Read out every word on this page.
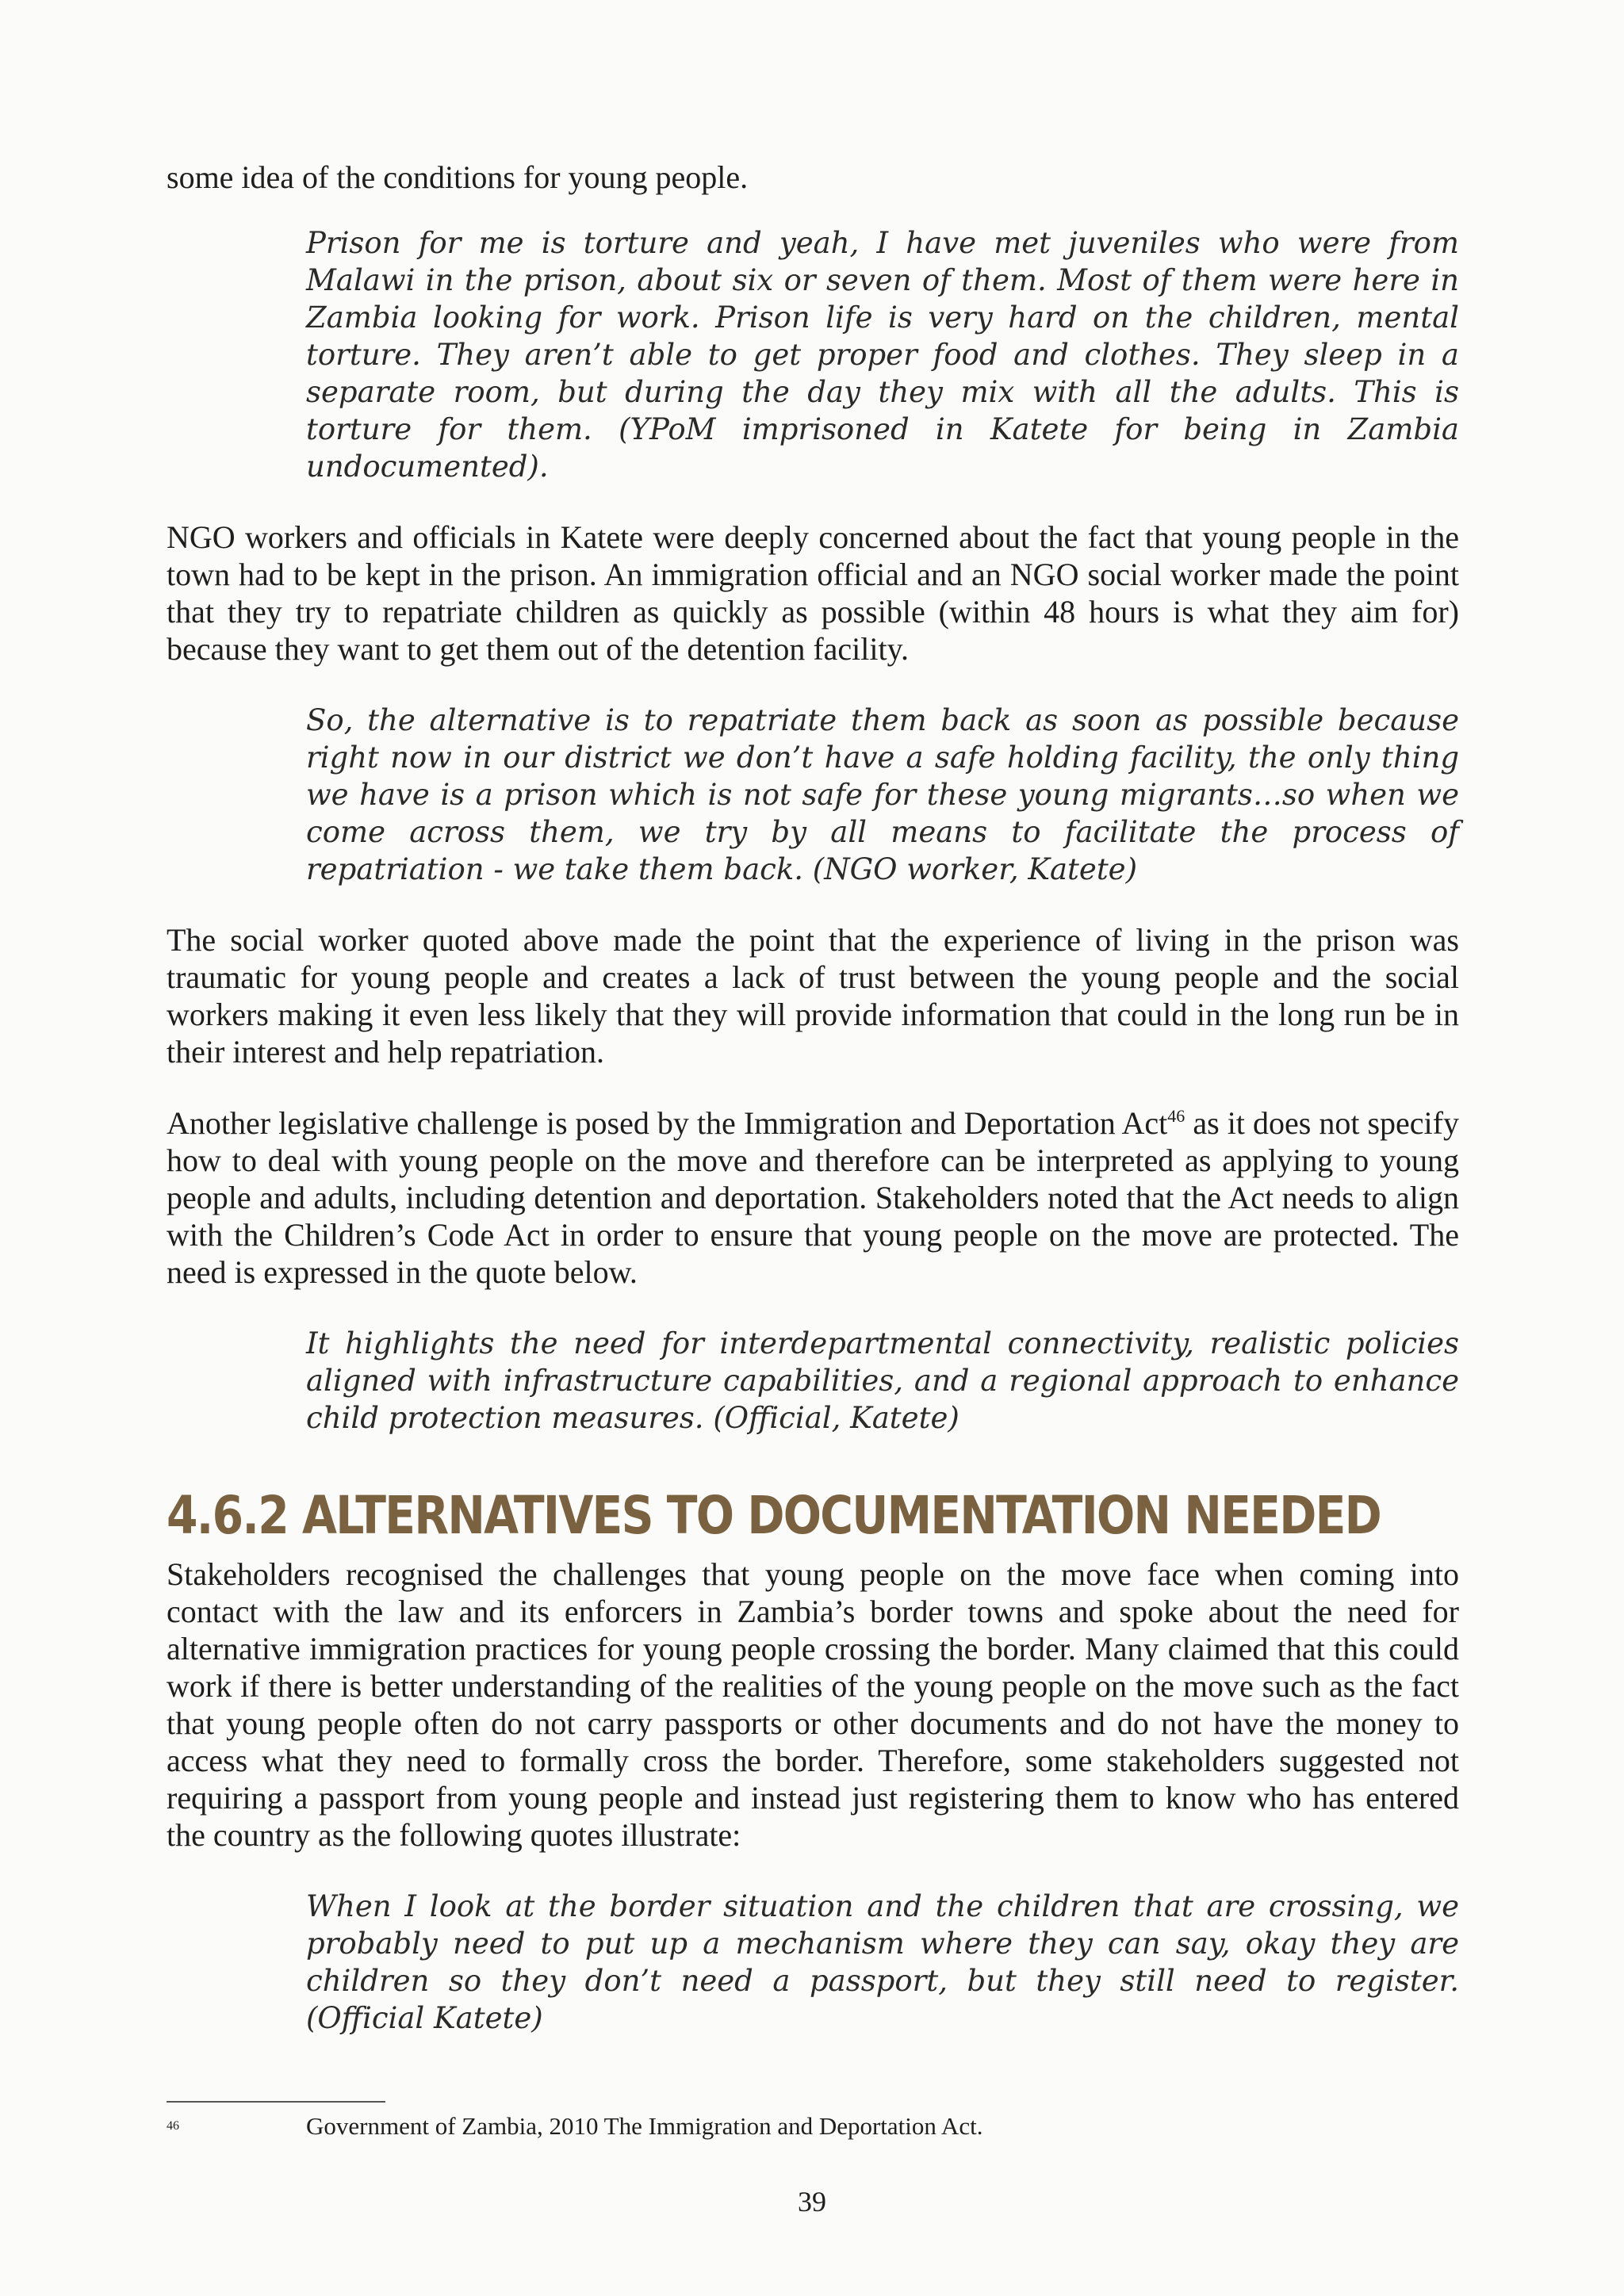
some idea of the conditions for young people.

Prison for me is torture and yeah, I have met juveniles who were from Malawi in the prison, about six or seven of them. Most of them were here in Zambia looking for work. Prison life is very hard on the children, mental torture. They aren’t able to get proper food and clothes. They sleep in a separate room, but during the day they mix with all the adults. This is torture for them. (YPoM imprisoned in Katete for being in Zambia undocumented).

NGO workers and officials in Katete were deeply concerned about the fact that young people in the town had to be kept in the prison. An immigration official and an NGO social worker made the point that they try to repatriate children as quickly as possible (within 48 hours is what they aim for) because they want to get them out of the detention facility.

So, the alternative is to repatriate them back as soon as possible because right now in our district we don’t have a safe holding facility, the only thing we have is a prison which is not safe for these young migrants…so when we come across them, we try by all means to facilitate the process of repatriation - we take them back. (NGO worker, Katete)

The social worker quoted above made the point that the experience of living in the prison was traumatic for young people and creates a lack of trust between the young people and the social workers making it even less likely that they will provide information that could in the long run be in their interest and help repatriation.

Another legislative challenge is posed by the Immigration and Deportation Act$^{46}$ as it does not specify how to deal with young people on the move and therefore can be interpreted as applying to young people and adults, including detention and deportation. Stakeholders noted that the Act needs to align with the Children’s Code Act in order to ensure that young people on the move are protected. The need is expressed in the quote below.

It highlights the need for interdepartmental connectivity, realistic policies aligned with infrastructure capabilities, and a regional approach to enhance child protection measures. (Official, Katete)

4.6.2 ALTERNATIVES TO DOCUMENTATION NEEDED

Stakeholders recognised the challenges that young people on the move face when coming into contact with the law and its enforcers in Zambia’s border towns and spoke about the need for alternative immigration practices for young people crossing the border. Many claimed that this could work if there is better understanding of the realities of the young people on the move such as the fact that young people often do not carry passports or other documents and do not have the money to access what they need to formally cross the border. Therefore, some stakeholders suggested not requiring a passport from young people and instead just registering them to know who has entered the country as the following quotes illustrate:

When I look at the border situation and the children that are crossing, we probably need to put up a mechanism where they can say, okay they are children so they don’t need a passport, but they still need to register. (Official Katete)

46	Government of Zambia, 2010 The Immigration and Deportation Act.
39
